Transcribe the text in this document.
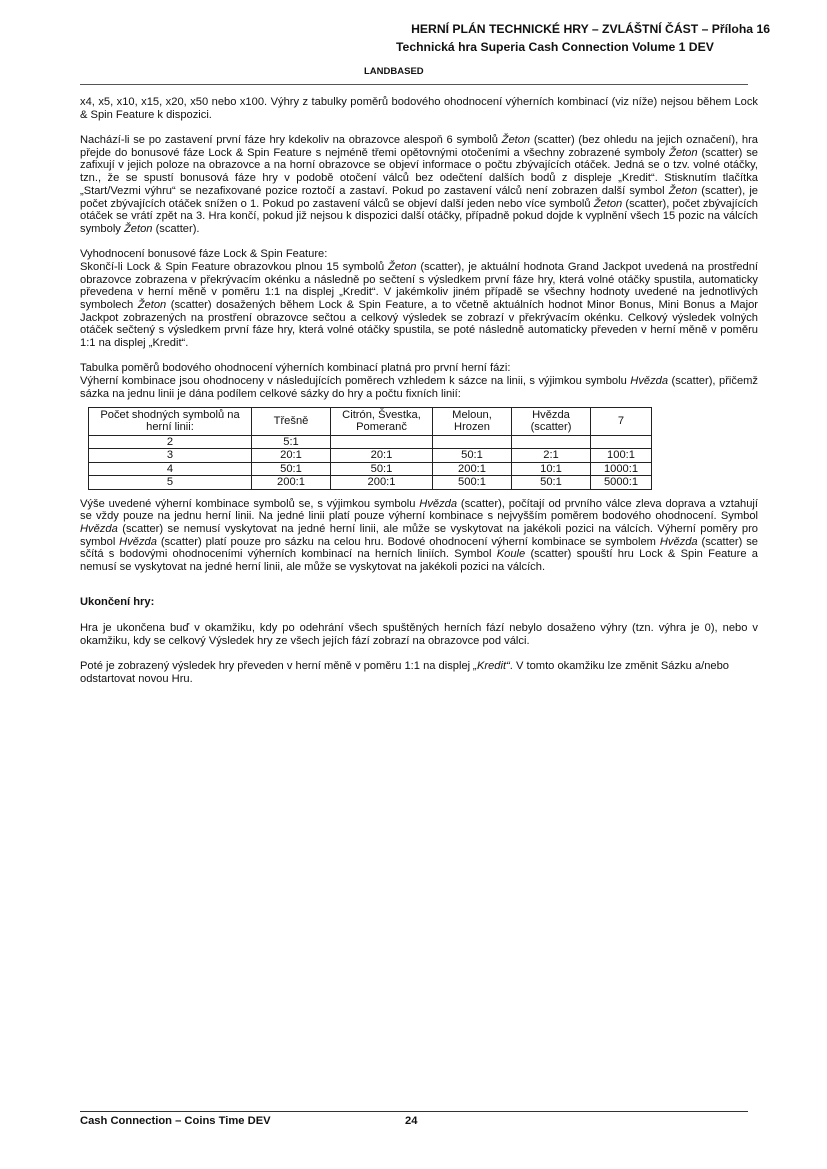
HERNÍ PLÁN TECHNICKÉ HRY – ZVLÁŠTNÍ ČÁST – Příloha 16
Technická hra Superia Cash Connection Volume 1 DEV
LANDBASED

x4, x5, x10, x15, x20, x50 nebo x100. Výhry z tabulky poměrů bodového ohodnocení výherních kombinací (viz níže) nejsou během Lock & Spin Feature k dispozici.

Nachází-li se po zastavení první fáze hry kdekoliv na obrazovce alespoň 6 symbolů Žeton (scatter) (bez ohledu na jejich označení), hra přejde do bonusové fáze Lock & Spin Feature s nejméně třemi opětovnými otočeními a všechny zobrazené symboly Žeton (scatter) se zafixují v jejich poloze na obrazovce a na horní obrazovce se objeví informace o počtu zbývajících otáček. Jedná se o tzv. volné otáčky, tzn., že se spustí bonusová fáze hry v podobě otočení válců bez odečtení dalších bodů z displeje „Kredit“. Stisknutím tlačítka „Start/Vezmi výhru“ se nezafixované pozice roztočí a zastaví. Pokud po zastavení válců není zobrazen další symbol Žeton (scatter), je počet zbývajících otáček snížen o 1. Pokud po zastavení válců se objeví další jeden nebo více symbolů Žeton (scatter), počet zbývajících otáček se vrátí zpět na 3. Hra končí, pokud již nejsou k dispozici další otáčky, případně pokud dojde k vyplnění všech 15 pozic na válcích symboly Žeton (scatter).

Vyhodnocení bonusové fáze Lock & Spin Feature:

Skončí-li Lock & Spin Feature obrazovkou plnou 15 symbolů Žeton (scatter), je aktuální hodnota Grand Jackpot uvedená na prostřední obrazovce zobrazena v překrývacím okénku a následně po sečtení s výsledkem první fáze hry, která volné otáčky spustila, automaticky převedena v herní měně v poměru 1:1 na displej „Kredit“. V jakémkoliv jiném případě se všechny hodnoty uvedené na jednotlivých symbolech Žeton (scatter) dosažených během Lock & Spin Feature, a to včetně aktuálních hodnot Minor Bonus, Mini Bonus a Major Jackpot zobrazených na prostření obrazovce sečtou a celkový výsledek se zobrazí v překrývacím okénku. Celkový výsledek volných otáček sečtený s výsledkem první fáze hry, která volné otáčky spustila, se poté následně automaticky převeden v herní měně v poměru 1:1 na displej „Kredit“.

Tabulka poměrů bodového ohodnocení výherních kombinací platná pro první herní fázi:

Výherní kombinace jsou ohodnoceny v následujících poměrech vzhledem k sázce na linii, s výjimkou symbolu Hvězda (scatter), přičemž sázka na jednu linii je dána podílem celkové sázky do hry a počtu fixních linií:

Počet shodných symbolů na herní linii:	Třešně	Citrón, Švestka, Pomeranč	Meloun, Hrozen	Hvězda (scatter)	7
2	5:1				
3	20:1	20:1	50:1	2:1	100:1
4	50:1	50:1	200:1	10:1	1000:1
5	200:1	200:1	500:1	50:1	5000:1

Výše uvedené výherní kombinace symbolů se, s výjimkou symbolu Hvězda (scatter), počítají od prvního válce zleva doprava a vztahují se vždy pouze na jednu herní linii. Na jedné linii platí pouze výherní kombinace s nejvyšším poměrem bodového ohodnocení. Symbol Hvězda (scatter) se nemusí vyskytovat na jedné herní linii, ale může se vyskytovat na jakékoli pozici na válcích. Výherní poměry pro symbol Hvězda (scatter) platí pouze pro sázku na celou hru. Bodové ohodnocení výherní kombinace se symbolem Hvězda (scatter) se sčítá s bodovými ohodnoceními výherních kombinací na herních liniích. Symbol Koule (scatter) spouští hru Lock & Spin Feature a nemusí se vyskytovat na jedné herní linii, ale může se vyskytovat na jakékoli pozici na válcích.

Ukončení hry:

Hra je ukončena buď v okamžiku, kdy po odehrání všech spuštěných herních fází nebylo dosaženo výhry (tzn. výhra je 0), nebo v okamžiku, kdy se celkový Výsledek hry ze všech jejích fází zobrazí na obrazovce pod válci.

Poté je zobrazený výsledek hry převeden v herní měně v poměru 1:1 na displej „Kredit“. V tomto okamžiku lze změnit Sázku a/nebo odstartovat novou Hru.

Cash Connection – Coins Time DEV	24
